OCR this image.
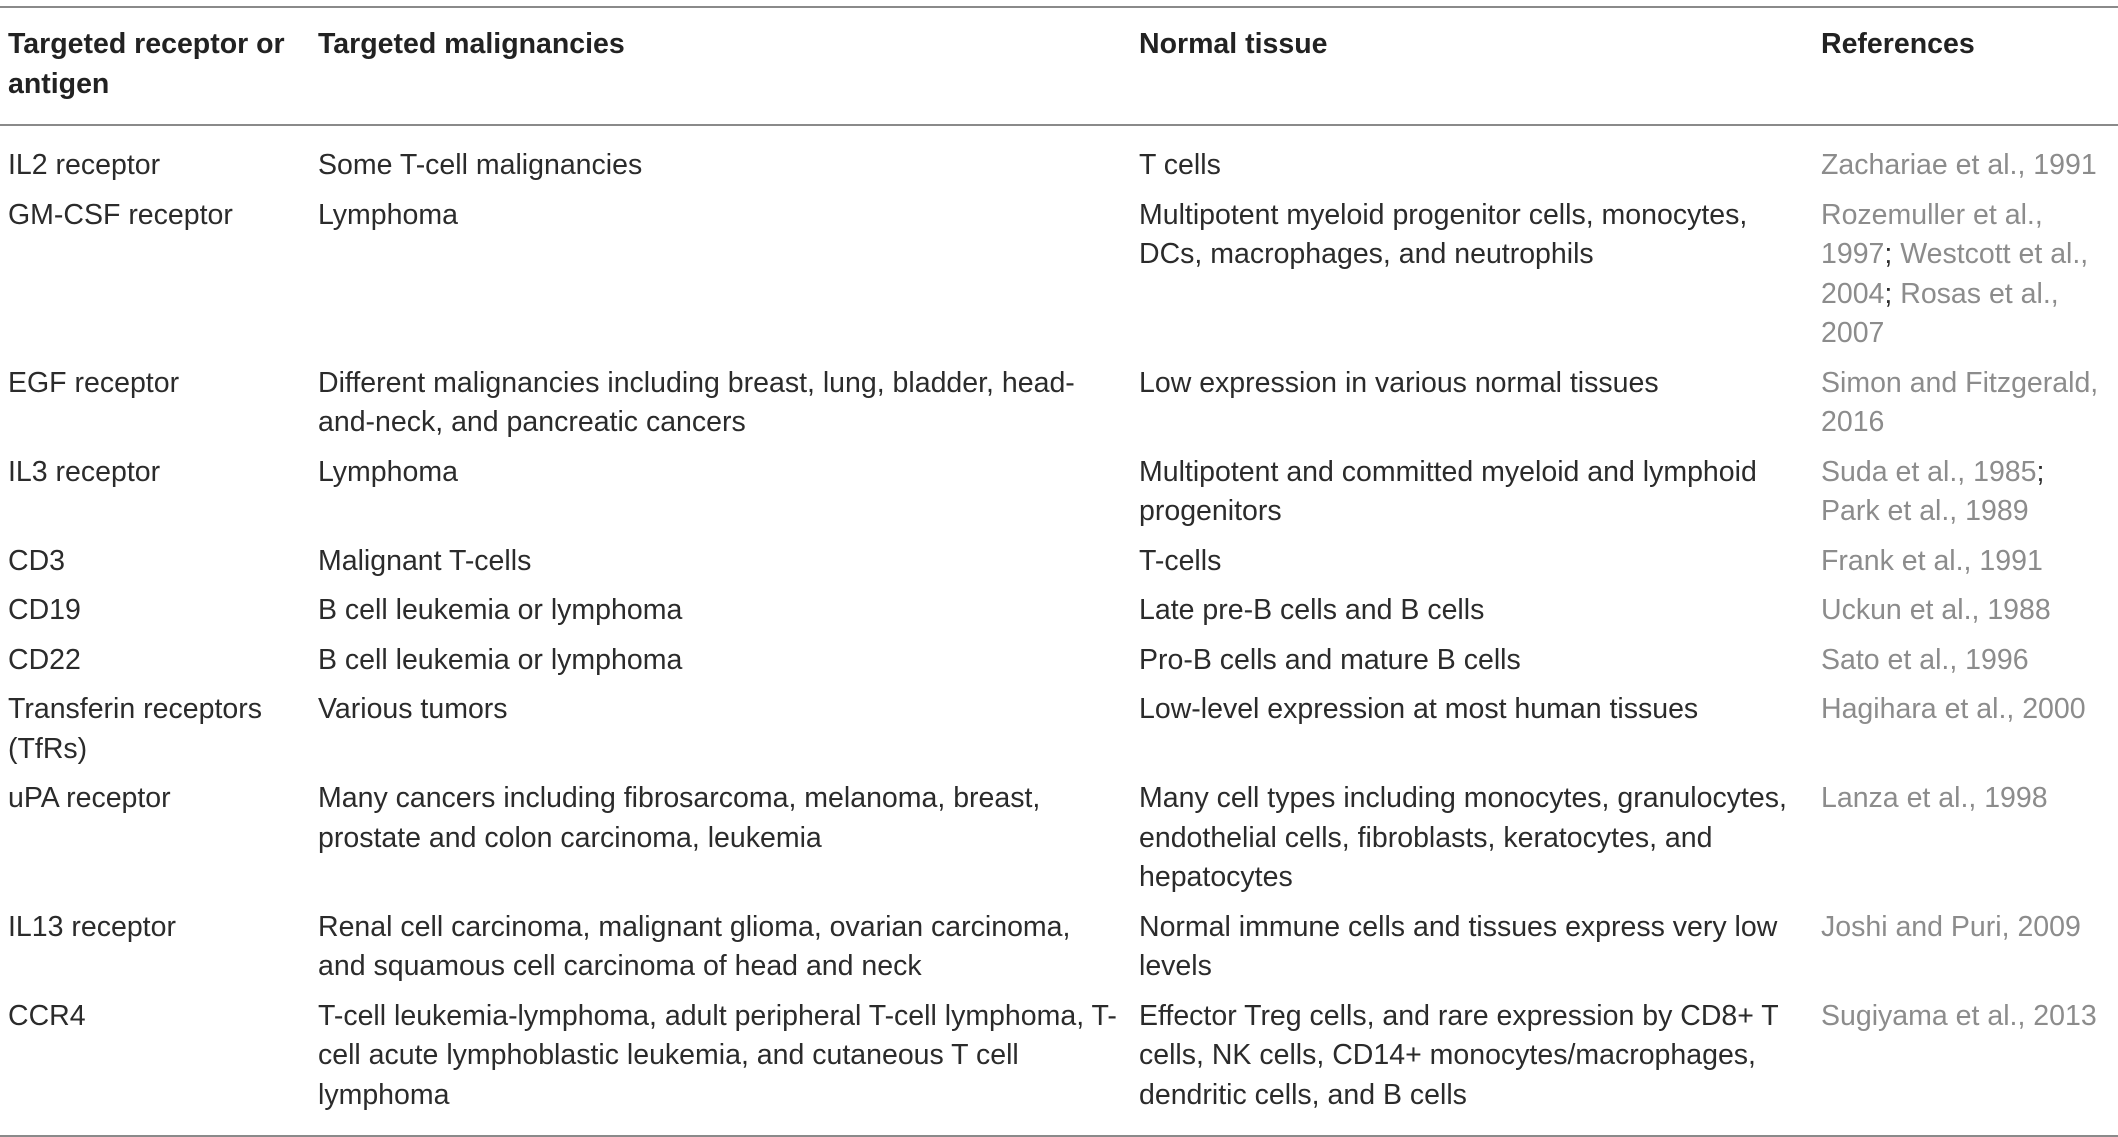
Targeted receptor or antigen	Targeted malignancies	Normal tissue	References
IL2 receptor	Some T-cell malignancies	T cells	Zachariae et al., 1991
GM-CSF receptor	Lymphoma	Multipotent myeloid progenitor cells, monocytes, DCs, macrophages, and neutrophils	Rozemuller et al., 1997; Westcott et al., 2004; Rosas et al., 2007
EGF receptor	Different malignancies including breast, lung, bladder, head-and-neck, and pancreatic cancers	Low expression in various normal tissues	Simon and Fitzgerald, 2016
IL3 receptor	Lymphoma	Multipotent and committed myeloid and lymphoid progenitors	Suda et al., 1985; Park et al., 1989
CD3	Malignant T-cells	T-cells	Frank et al., 1991
CD19	B cell leukemia or lymphoma	Late pre-B cells and B cells	Uckun et al., 1988
CD22	B cell leukemia or lymphoma	Pro-B cells and mature B cells	Sato et al., 1996
Transferin receptors (TfRs)	Various tumors	Low-level expression at most human tissues	Hagihara et al., 2000
uPA receptor	Many cancers including fibrosarcoma, melanoma, breast, prostate and colon carcinoma, leukemia	Many cell types including monocytes, granulocytes, endothelial cells, fibroblasts, keratocytes, and hepatocytes	Lanza et al., 1998
IL13 receptor	Renal cell carcinoma, malignant glioma, ovarian carcinoma, and squamous cell carcinoma of head and neck	Normal immune cells and tissues express very low levels	Joshi and Puri, 2009
CCR4	T-cell leukemia-lymphoma, adult peripheral T-cell lymphoma, T-cell acute lymphoblastic leukemia, and cutaneous T cell lymphoma	Effector Treg cells, and rare expression by CD8+ T cells, NK cells, CD14+ monocytes/macrophages, dendritic cells, and B cells	Sugiyama et al., 2013
